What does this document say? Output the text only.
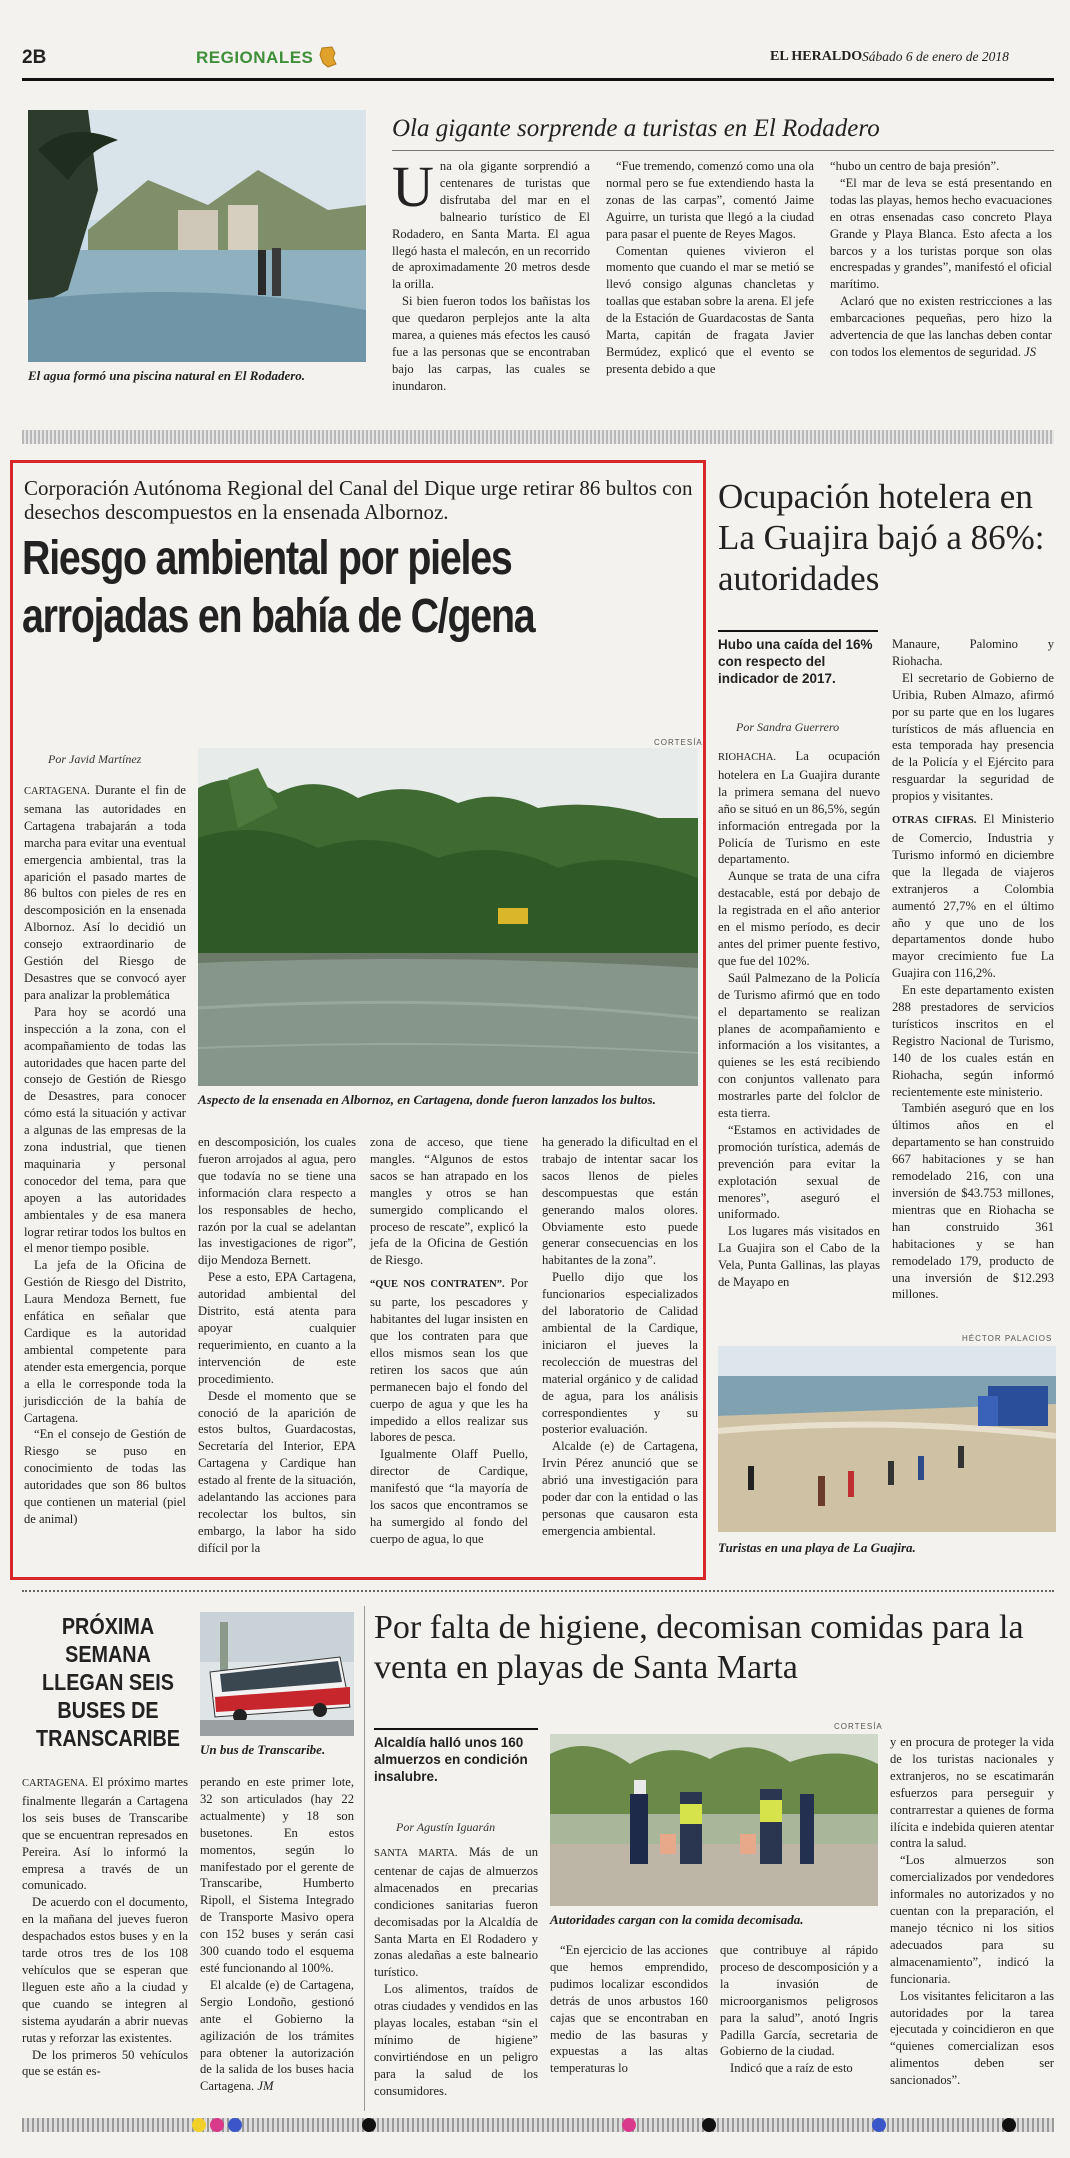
2B	REGIONALES	EL HERALDO Sábado 6 de enero de 2018
El agua formó una piscina natural en El Rodadero.
Ola gigante sorprende a turistas en El Rodadero
U na ola gigante sorprendió a centenares de turistas que disfrutaba del mar en el balneario turístico de El Rodadero, en Santa Marta. El agua llegó hasta el malecón, en un recorrido de aproximadamente 20 metros desde la orilla.

Si bien fueron todos los bañistas los que quedaron perplejos ante la alta marea, a quienes más efectos les causó fue a las personas que se encontraban bajo las carpas, las cuales se inundaron.

“Fue tremendo, comenzó como una ola normal pero se fue extendiendo hasta la zonas de las carpas”, comentó Jaime Aguirre, un turista que llegó a la ciudad para pasar el puente de Reyes Magos.

Comentan quienes vivieron el momento que cuando el mar se metió se llevó consigo algunas chancletas y toallas que estaban sobre la arena. El jefe de la Estación de Guardacostas de Santa Marta, capitán de fragata Javier Bermúdez, explicó que el evento se presenta debido a que

“hubo un centro de baja presión”.

“El mar de leva se está presentando en todas las playas, hemos hecho evacuaciones en otras ensenadas caso concreto Playa Grande y Playa Blanca. Esto afecta a los barcos y a los turistas porque son olas encrespadas y grandes”, manifestó el oficial marítimo.

Aclaró que no existen restricciones a las embarcaciones pequeñas, pero hizo la advertencia de que las lanchas deben contar con todos los elementos de seguridad. JS

Corporación Autónoma Regional del Canal del Dique urge retirar 86 bultos con desechos descompuestos en la ensenada Albornoz.
Riesgo ambiental por pieles
arrojadas en bahía de C/gena
Por Javid Martínez
CORTESÍA
Aspecto de la ensenada en Albornoz, en Cartagena, donde fueron lanzados los bultos.

CARTAGENA. Durante el fin de semana las autoridades en Cartagena trabajarán a toda marcha para evitar una eventual emergencia ambiental, tras la aparición el pasado martes de 86 bultos con pieles de res en descomposición en la ensenada Albornoz. Así lo decidió un consejo extraordinario de Gestión del Riesgo de Desastres que se convocó ayer para analizar la problemática

Para hoy se acordó una inspección a la zona, con el acompañamiento de todas las autoridades que hacen parte del consejo de Gestión de Riesgo de Desastres, para conocer cómo está la situación y activar a algunas de las empresas de la zona industrial, que tienen maquinaria y personal conocedor del tema, para que apoyen a las autoridades ambientales y de esa manera lograr retirar todos los bultos en el menor tiempo posible.

La jefa de la Oficina de Gestión de Riesgo del Distrito, Laura Mendoza Bernett, fue enfática en señalar que Cardique es la autoridad ambiental competente para atender esta emergencia, porque a ella le corresponde toda la jurisdicción de la bahía de Cartagena.

“En el consejo de Gestión de Riesgo se puso en conocimiento de todas las autoridades que son 86 bultos que contienen un material (piel de animal)

en descomposición, los cuales fueron arrojados al agua, pero que todavía no se tiene una información clara respecto a los responsables de hecho, razón por la cual se adelantan las investigaciones de rigor”, dijo Mendoza Bernett.

Pese a esto, EPA Cartagena, autoridad ambiental del Distrito, está atenta para apoyar cualquier requerimiento, en cuanto a la intervención de este procedimiento.

Desde el momento que se conoció de la aparición de estos bultos, Guardacostas, Secretaría del Interior, EPA Cartagena y Cardique han estado al frente de la situación, adelantando las acciones para recolectar los bultos, sin embargo, la labor ha sido difícil por la

zona de acceso, que tiene mangles. “Algunos de estos sacos se han atrapado en los mangles y otros se han sumergido complicando el proceso de rescate”, explicó la jefa de la Oficina de Gestión de Riesgo.

“QUE NOS CONTRATEN”. Por su parte, los pescadores y habitantes del lugar insisten en que los contraten para que ellos mismos sean los que retiren los sacos que aún permanecen bajo el fondo del cuerpo de agua y que les ha impedido a ellos realizar sus labores de pesca.

Igualmente Olaff Puello, director de Cardique, manifestó que “la mayoría de los sacos que encontramos se ha sumergido al fondo del cuerpo de agua, lo que

ha generado la dificultad en el trabajo de intentar sacar los sacos llenos de pieles descompuestas que están generando malos olores. Obviamente esto puede generar consecuencias en los habitantes de la zona”.

Puello dijo que los funcionarios especializados del laboratorio de Calidad ambiental de la Cardique, iniciaron el jueves la recolección de muestras del material orgánico y de calidad de agua, para los análisis correspondientes y su posterior evaluación.

Alcalde (e) de Cartagena, Irvin Pérez anunció que se abrió una investigación para poder dar con la entidad o las personas que causaron esta emergencia ambiental.

Ocupación hotelera en La Guajira bajó a 86%: autoridades
Hubo una caída del 16% con respecto del indicador de 2017.
Por Sandra Guerrero

RIOHACHA. La ocupación hotelera en La Guajira durante la primera semana del nuevo año se situó en un 86,5%, según información entregada por la Policía de Turismo en este departamento.

Aunque se trata de una cifra destacable, está por debajo de la registrada en el año anterior en el mismo período, es decir antes del primer puente festivo, que fue del 102%.

Saúl Palmezano de la Policía de Turismo afirmó que en todo el departamento se realizan planes de acompañamiento e información a los visitantes, a quienes se les está recibiendo con conjuntos vallenato para mostrarles parte del folclor de esta tierra.

“Estamos en actividades de promoción turística, además de prevención para evitar la explotación sexual de menores”, aseguró el uniformado.

Los lugares más visitados en La Guajira son el Cabo de la Vela, Punta Gallinas, las playas de Mayapo en

Manaure, Palomino y Riohacha.

El secretario de Gobierno de Uribia, Ruben Almazo, afirmó por su parte que en los lugares turísticos de más afluencia en esta temporada hay presencia de la Policía y el Ejército para resguardar la seguridad de propios y visitantes.

OTRAS CIFRAS. El Ministerio de Comercio, Industria y Turismo informó en diciembre que la llegada de viajeros extranjeros a Colombia aumentó 27,7% en el último año y que uno de los departamentos donde hubo mayor crecimiento fue La Guajira con 116,2%.

En este departamento existen 288 prestadores de servicios turísticos inscritos en el Registro Nacional de Turismo, 140 de los cuales están en Riohacha, según informó recientemente este ministerio.

También aseguró que en los últimos años en el departamento se han construido 667 habitaciones y se han remodelado 216, con una inversión de $43.753 millones, mientras que en Riohacha se han construido 361 habitaciones y se han remodelado 179, producto de una inversión de $12.293 millones.

HÉCTOR PALACIOS
Turistas en una playa de La Guajira.
PRÓXIMA SEMANA LLEGAN SEIS BUSES DE TRANSCARIBE Un bus de Transcaribe.

CARTAGENA. El próximo martes finalmente llegarán a Cartagena los seis buses de Transcaribe que se encuentran represados en Pereira. Así lo informó la empresa a través de un comunicado.

De acuerdo con el documento, en la mañana del jueves fueron despachados estos buses y en la tarde otros tres de los 108 vehículos que se esperan que lleguen este año a la ciudad y que cuando se integren al sistema ayudarán a abrir nuevas rutas y reforzar las existentes.

De los primeros 50 vehículos que se están es-

perando en este primer lote, 32 son articulados (hay 22 actualmente) y 18 son busetones. En estos momentos, según lo manifestado por el gerente de Transcaribe, Humberto Ripoll, el Sistema Integrado de Transporte Masivo opera con 152 buses y serán casi 300 cuando todo el esquema esté funcionando al 100%.

El alcalde (e) de Cartagena, Sergio Londoño, gestionó ante el Gobierno la agilización de los trámites para obtener la autorización de la salida de los buses hacia Cartagena. JM

Por falta de higiene, decomisan comidas para la venta en playas de Santa Marta
Alcaldía halló unos 160 almuerzos en condición insalubre.
Por Agustín Iguarán
CORTESÍA
Autoridades cargan con la comida decomisada.

SANTA MARTA. Más de un centenar de cajas de almuerzos almacenados en precarias condiciones sanitarias fueron decomisadas por la Alcaldía de Santa Marta en El Rodadero y zonas aledañas a este balneario turístico.

Los alimentos, traídos de otras ciudades y vendidos en las playas locales, estaban “sin el mínimo de higiene” convirtiéndose en un peligro para la salud de los consumidores.

“En ejercicio de las acciones que hemos emprendido, pudimos localizar escondidos detrás de unos arbustos 160 cajas que se encontraban en medio de las basuras y expuestas a las altas temperaturas lo

que contribuye al rápido proceso de descomposición y a la invasión de microorganismos peligrosos para la salud”, anotó Ingris Padilla García, secretaria de Gobierno de la ciudad.

Indicó que a raíz de esto

y en procura de proteger la vida de los turistas nacionales y extranjeros, no se escatimarán esfuerzos para perseguir y contrarrestar a quienes de forma ilícita e indebida quieren atentar contra la salud.

“Los almuerzos son comercializados por vendedores informales no autorizados y no cuentan con la preparación, el manejo técnico ni los sitios adecuados para su almacenamiento”, indicó la funcionaria.

Los visitantes felicitaron a las autoridades por la tarea ejecutada y coincidieron en que “quienes comercializan esos alimentos deben ser sancionados”.
